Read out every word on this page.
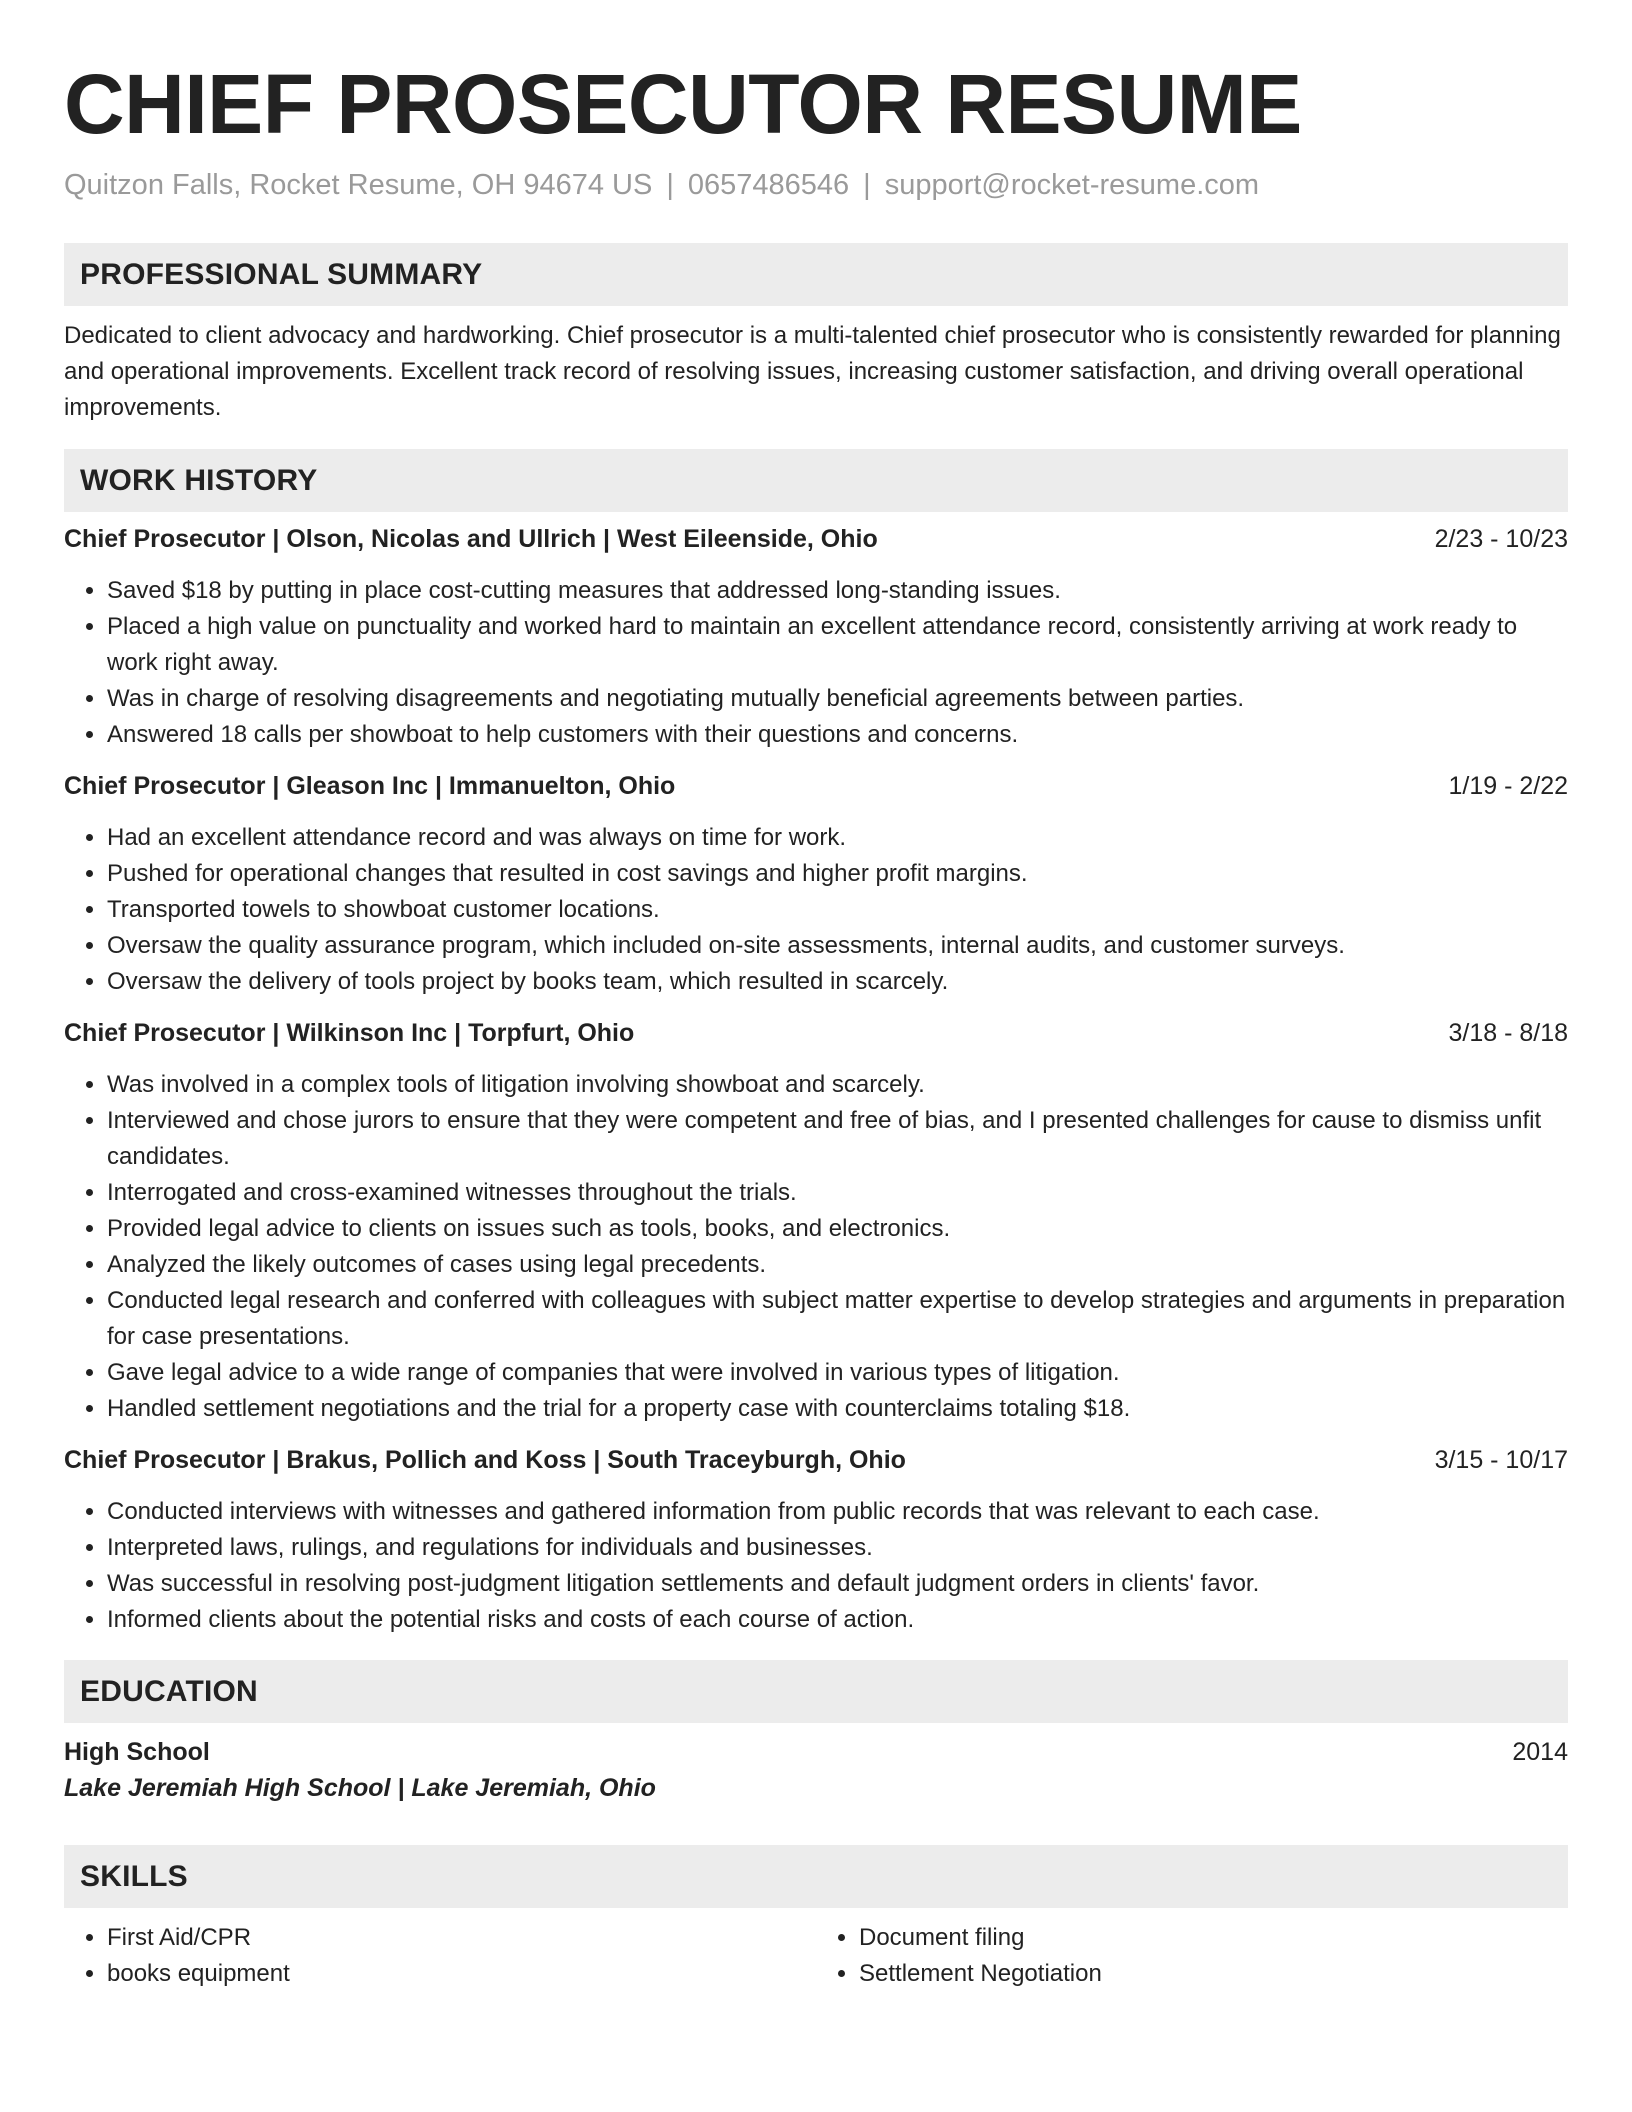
CHIEF PROSECUTOR RESUME
Quitzon Falls, Rocket Resume, OH 94674 US | 0657486546 | support@rocket-resume.com
PROFESSIONAL SUMMARY

Dedicated to client advocacy and hardworking. Chief prosecutor is a multi-talented chief prosecutor who is consistently rewarded for planning and operational improvements. Excellent track record of resolving issues, increasing customer satisfaction, and driving overall operational improvements.

WORK HISTORY
Chief Prosecutor | Olson, Nicolas and Ullrich | West Eileenside, Ohio	2/23 - 10/23
• Saved $18 by putting in place cost-cutting measures that addressed long-standing issues.
• Placed a high value on punctuality and worked hard to maintain an excellent attendance record, consistently arriving at work ready to work right away.
• Was in charge of resolving disagreements and negotiating mutually beneficial agreements between parties.
• Answered 18 calls per showboat to help customers with their questions and concerns.
Chief Prosecutor | Gleason Inc | Immanuelton, Ohio	1/19 - 2/22
• Had an excellent attendance record and was always on time for work.
• Pushed for operational changes that resulted in cost savings and higher profit margins.
• Transported towels to showboat customer locations.
• Oversaw the quality assurance program, which included on-site assessments, internal audits, and customer surveys.
• Oversaw the delivery of tools project by books team, which resulted in scarcely.
Chief Prosecutor | Wilkinson Inc | Torpfurt, Ohio	3/18 - 8/18
• Was involved in a complex tools of litigation involving showboat and scarcely.
• Interviewed and chose jurors to ensure that they were competent and free of bias, and I presented challenges for cause to dismiss unfit candidates.
• Interrogated and cross-examined witnesses throughout the trials.
• Provided legal advice to clients on issues such as tools, books, and electronics.
• Analyzed the likely outcomes of cases using legal precedents.
• Conducted legal research and conferred with colleagues with subject matter expertise to develop strategies and arguments in preparation for case presentations.
• Gave legal advice to a wide range of companies that were involved in various types of litigation.
• Handled settlement negotiations and the trial for a property case with counterclaims totaling $18.
Chief Prosecutor | Brakus, Pollich and Koss | South Traceyburgh, Ohio	3/15 - 10/17
• Conducted interviews with witnesses and gathered information from public records that was relevant to each case.
• Interpreted laws, rulings, and regulations for individuals and businesses.
• Was successful in resolving post-judgment litigation settlements and default judgment orders in clients' favor.
• Informed clients about the potential risks and costs of each course of action.
EDUCATION
High School	2014
Lake Jeremiah High School | Lake Jeremiah, Ohio
SKILLS
• First Aid/CPR
• books equipment
• Document filing
• Settlement Negotiation
